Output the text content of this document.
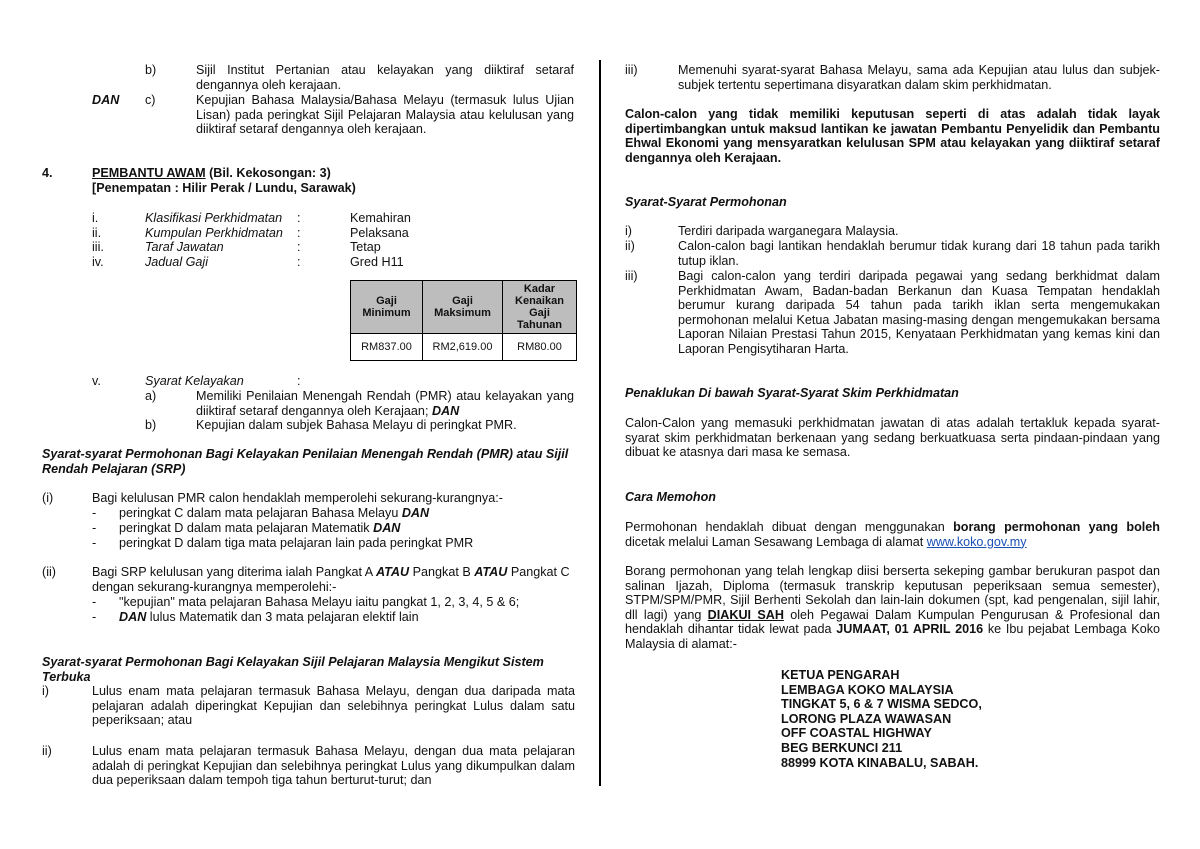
b)	Sijil Institut Pertanian atau kelayakan yang diiktiraf setaraf dengannya oleh kerajaan.
DAN c)	Kepujian Bahasa Malaysia/Bahasa Melayu (termasuk lulus Ujian Lisan) pada peringkat Sijil Pelajaran Malaysia atau kelulusan yang diiktiraf setaraf dengannya oleh kerajaan.
4.	PEMBANTU AWAM (Bil. Kekosongan: 3)
[Penempatan : Hilir Perak / Lundu, Sarawak)
i.	Klasifikasi Perkhidmatan :	Kemahiran
ii.	Kumpulan Perkhidmatan :	Pelaksana
iii.	Taraf Jawatan	:	Tetap
iv.	Jadual Gaji	:	Gred H11
Gaji Minimum	Gaji Maksimum	Kadar Kenaikan Gaji Tahunan
RM837.00	RM2,619.00	RM80.00
v.	Syarat Kelayakan	:
a)	Memiliki Penilaian Menengah Rendah (PMR) atau kelayakan yang diiktiraf setaraf dengannya oleh Kerajaan; DAN
b)	Kepujian dalam subjek Bahasa Melayu di peringkat PMR.
Syarat-syarat Permohonan Bagi Kelayakan Penilaian Menengah Rendah (PMR) atau Sijil Rendah Pelajaran (SRP)
(i)	Bagi kelulusan PMR calon hendaklah memperolehi sekurang-kurangnya:-
- peringkat C dalam mata pelajaran Bahasa Melayu DAN
- peringkat D dalam mata pelajaran Matematik DAN
- peringkat D dalam tiga mata pelajaran lain pada peringkat PMR
(ii)	Bagi SRP kelulusan yang diterima ialah Pangkat A ATAU Pangkat B ATAU Pangkat C dengan sekurang-kurangnya memperolehi:-
- "kepujian" mata pelajaran Bahasa Melayu iaitu pangkat 1, 2, 3, 4, 5 & 6;
- DAN lulus Matematik dan 3 mata pelajaran elektif lain
Syarat-syarat Permohonan Bagi Kelayakan Sijil Pelajaran Malaysia Mengikut Sistem Terbuka
i)	Lulus enam mata pelajaran termasuk Bahasa Melayu, dengan dua daripada mata pelajaran adalah diperingkat Kepujian dan selebihnya peringkat Lulus dalam satu peperiksaan; atau
ii)	Lulus enam mata pelajaran termasuk Bahasa Melayu, dengan dua mata pelajaran adalah di peringkat Kepujian dan selebihnya peringkat Lulus yang dikumpulkan dalam dua peperiksaan dalam tempoh tiga tahun berturut-turut; dan
iii)	Memenuhi syarat-syarat Bahasa Melayu, sama ada Kepujian atau lulus dan subjek-subjek tertentu sepertimana disyaratkan dalam skim perkhidmatan.
Calon-calon yang tidak memiliki keputusan seperti di atas adalah tidak layak dipertimbangkan untuk maksud lantikan ke jawatan Pembantu Penyelidik dan Pembantu Ehwal Ekonomi yang mensyaratkan kelulusan SPM atau kelayakan yang diiktiraf setaraf dengannya oleh Kerajaan.
Syarat-Syarat Permohonan
i)	Terdiri daripada warganegara Malaysia.
ii)	Calon-calon bagi lantikan hendaklah berumur tidak kurang dari 18 tahun pada tarikh tutup iklan.
iii)	Bagi calon-calon yang terdiri daripada pegawai yang sedang berkhidmat dalam Perkhidmatan Awam, Badan-badan Berkanun dan Kuasa Tempatan hendaklah berumur kurang daripada 54 tahun pada tarikh iklan serta mengemukakan permohonan melalui Ketua Jabatan masing-masing dengan mengemukakan bersama Laporan Nilaian Prestasi Tahun 2015, Kenyataan Perkhidmatan yang kemas kini dan Laporan Pengisytiharan Harta.
Penaklukan Di bawah Syarat-Syarat Skim Perkhidmatan
Calon-Calon yang memasuki perkhidmatan jawatan di atas adalah tertakluk kepada syarat-syarat skim perkhidmatan berkenaan yang sedang berkuatkuasa serta pindaan-pindaan yang dibuat ke atasnya dari masa ke semasa.
Cara Memohon
Permohonan hendaklah dibuat dengan menggunakan borang permohonan yang boleh dicetak melalui Laman Sesawang Lembaga di alamat www.koko.gov.my
Borang permohonan yang telah lengkap diisi berserta sekeping gambar berukuran paspot dan salinan Ijazah, Diploma (termasuk transkrip keputusan peperiksaan semua semester), STPM/SPM/PMR, Sijil Berhenti Sekolah dan lain-lain dokumen (spt, kad pengenalan, sijil lahir, dll lagi) yang DIAKUI SAH oleh Pegawai Dalam Kumpulan Pengurusan & Profesional dan hendaklah dihantar tidak lewat pada JUMAAT, 01 APRIL 2016 ke Ibu pejabat Lembaga Koko Malaysia di alamat:-
KETUA PENGARAH
LEMBAGA KOKO MALAYSIA
TINGKAT 5, 6 & 7 WISMA SEDCO,
LORONG PLAZA WAWASAN
OFF COASTAL HIGHWAY
BEG BERKUNCI 211
88999 KOTA KINABALU, SABAH.
